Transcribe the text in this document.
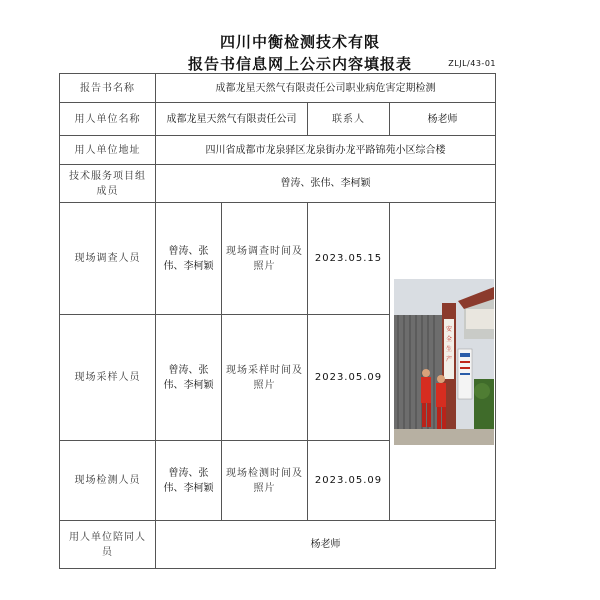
四川中衡检测技术有限
报告书信息网上公示内容填报表	ZLJL/43-01
报告书名称	成都龙星天然气有限责任公司职业病危害定期检测			
用人单位名称	成都龙星天然气有限责任公司		联系人	杨老师
用人单位地址	四川省成都市龙泉驿区龙泉街办龙平路锦苑小区综合楼			
技术服务项目组成员	曾涛、张伟、李柯颖			
现场调查人员	曾涛、张伟、李柯颖	现场调查时间及照片	2023.05.15	安
全
生
产

现场采样人员	曾涛、张伟、李柯颖	现场采样时间及照片	2023.05.09	
现场检测人员	曾涛、张伟、李柯颖	现场检测时间及照片	2023.05.09	
用人单位陪同人员	杨老师			
